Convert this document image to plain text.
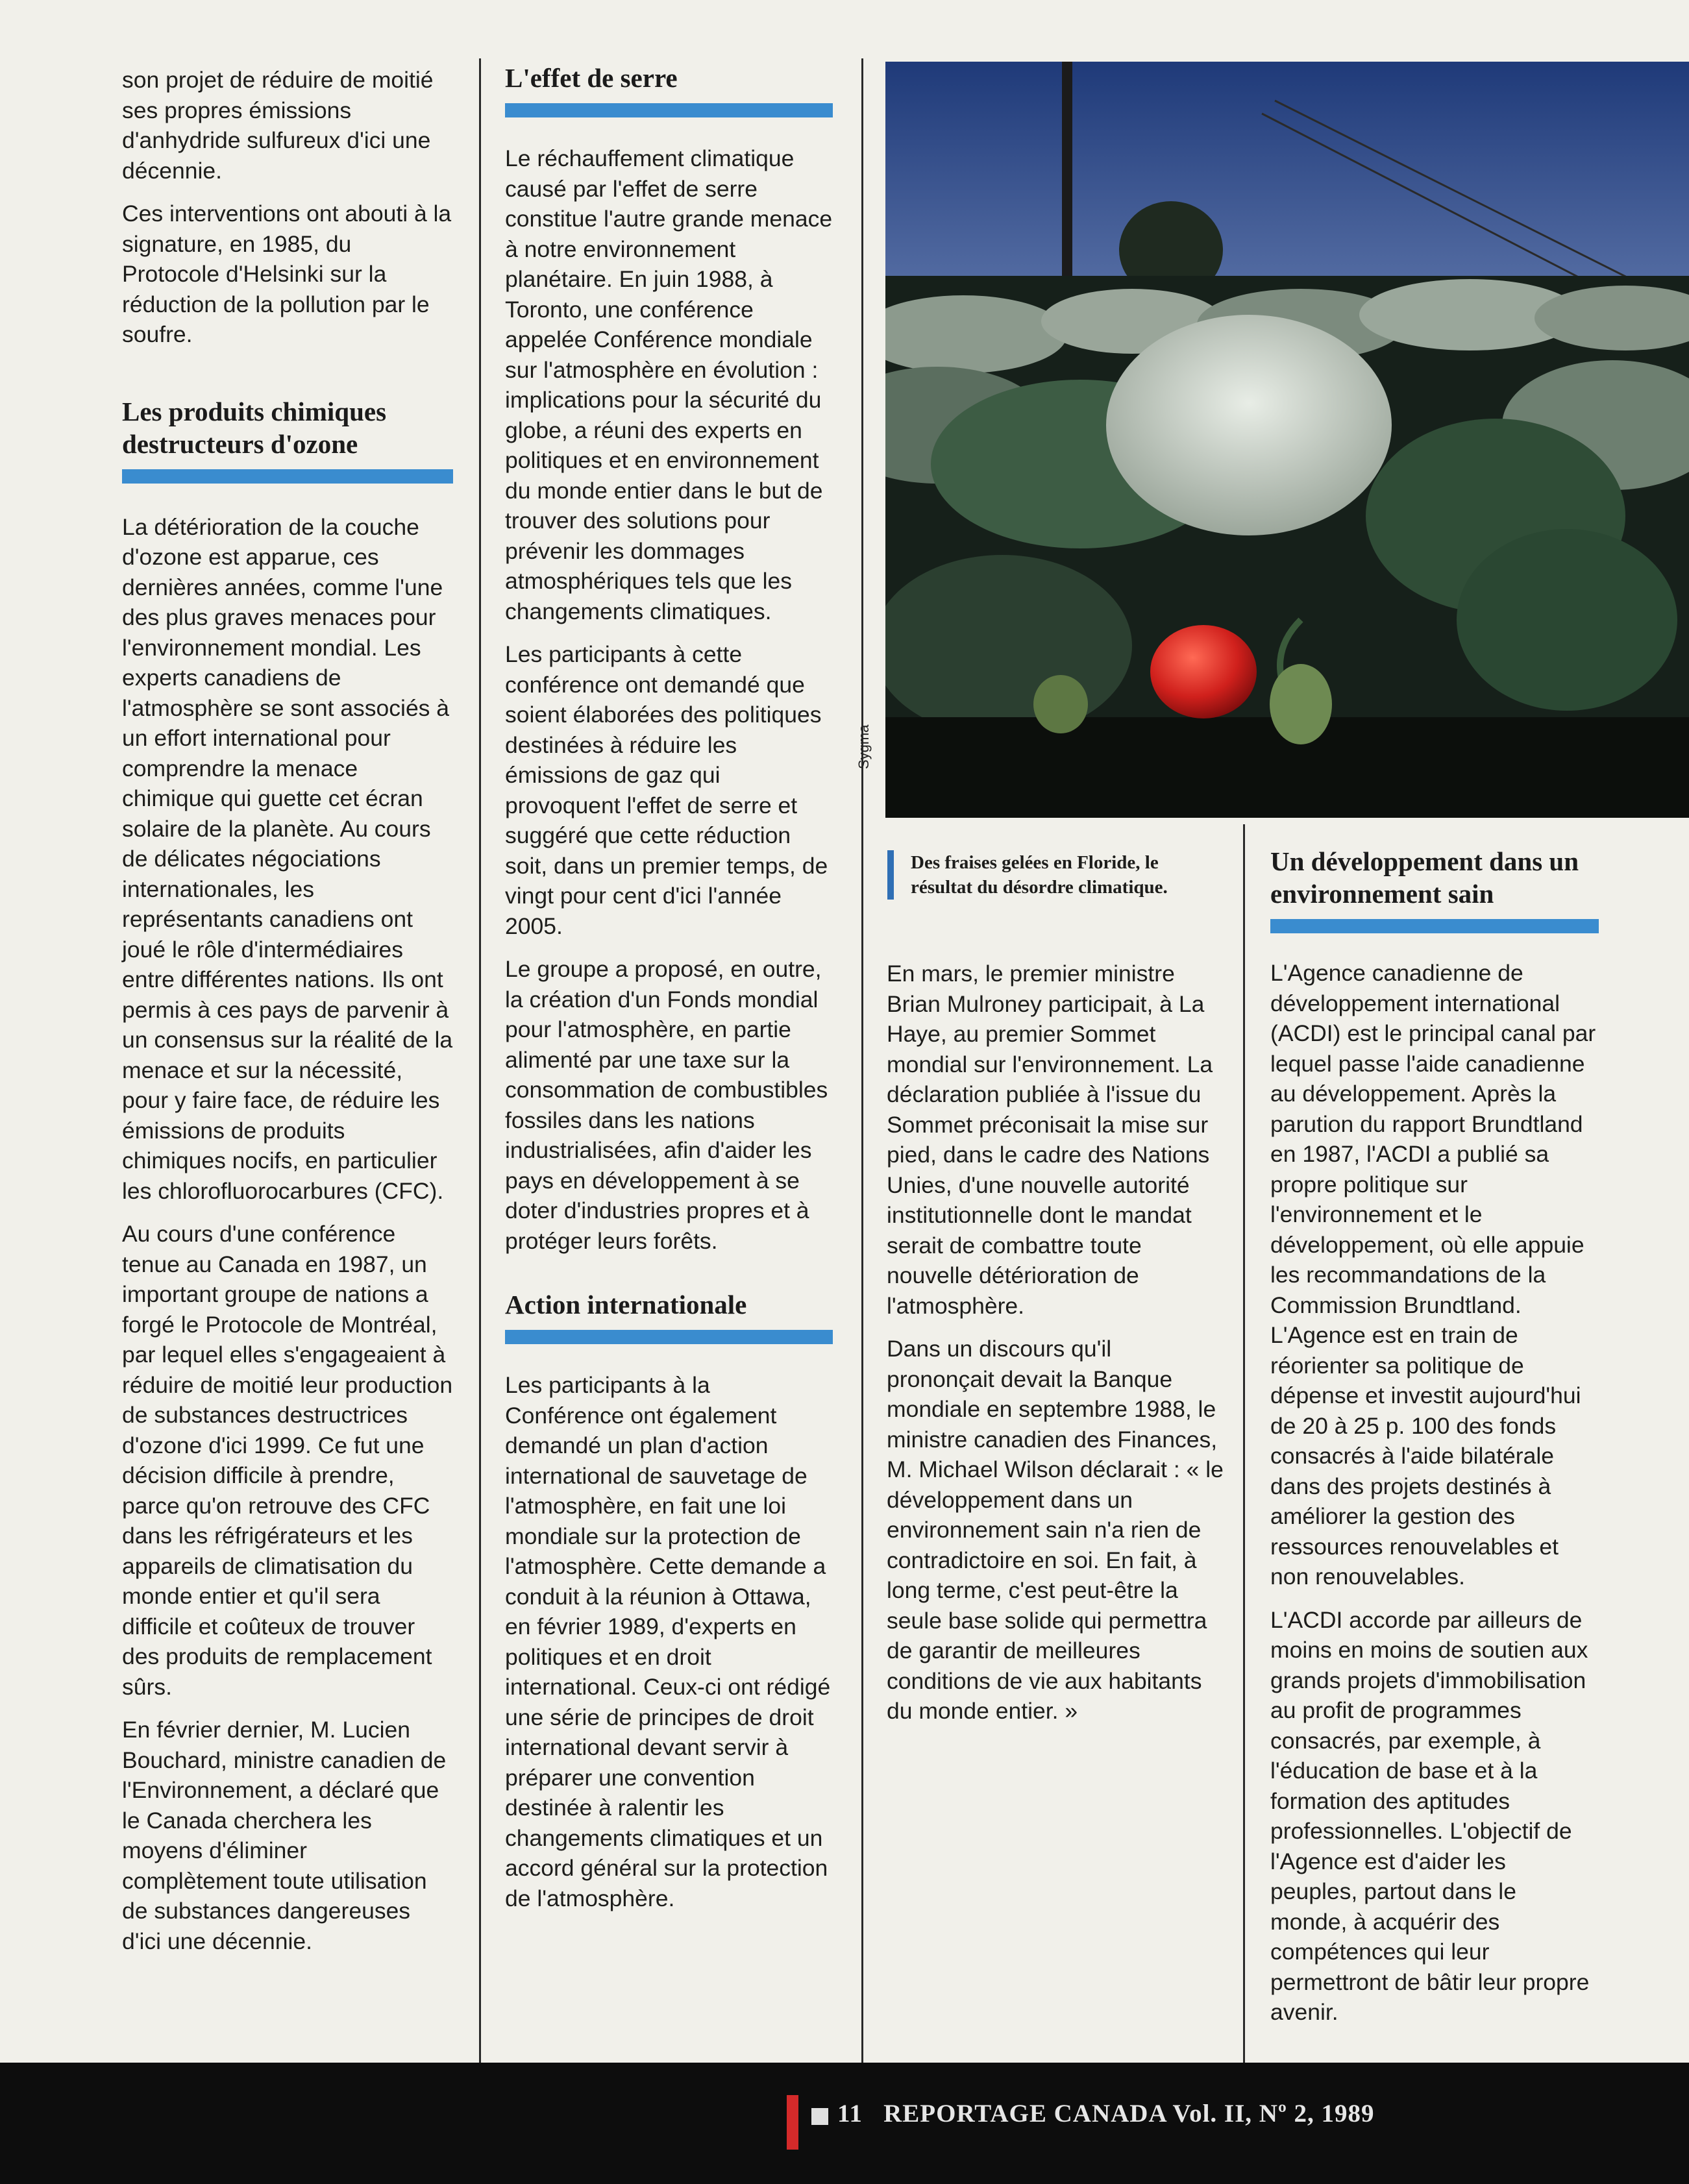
son projet de réduire de moitié ses propres émissions d'anhydride sulfureux d'ici une décennie.

Ces interventions ont abouti à la signature, en 1985, du Protocole d'Helsinki sur la réduction de la pollution par le soufre.

Les produits chimiques destructeurs d'ozone

La détérioration de la couche d'ozone est apparue, ces dernières années, comme l'une des plus graves menaces pour l'environnement mondial. Les experts canadiens de l'atmosphère se sont associés à un effort international pour comprendre la menace chimique qui guette cet écran solaire de la planète. Au cours de délicates négociations internationales, les représentants canadiens ont joué le rôle d'intermédiaires entre différentes nations. Ils ont permis à ces pays de parvenir à un consensus sur la réalité de la menace et sur la nécessité, pour y faire face, de réduire les émissions de produits chimiques nocifs, en particulier les chlorofluorocarbures (CFC).

Au cours d'une conférence tenue au Canada en 1987, un important groupe de nations a forgé le Protocole de Montréal, par lequel elles s'engageaient à réduire de moitié leur production de substances destructrices d'ozone d'ici 1999. Ce fut une décision difficile à prendre, parce qu'on retrouve des CFC dans les réfrigérateurs et les appareils de climatisation du monde entier et qu'il sera difficile et coûteux de trouver des produits de remplacement sûrs.

En février dernier, M. Lucien Bouchard, ministre canadien de l'Environnement, a déclaré que le Canada cherchera les moyens d'éliminer complètement toute utilisation de substances dangereuses d'ici une décennie.

L'effet de serre

Le réchauffement climatique causé par l'effet de serre constitue l'autre grande menace à notre environnement planétaire. En juin 1988, à Toronto, une conférence appelée Conférence mondiale sur l'atmosphère en évolution : implications pour la sécurité du globe, a réuni des experts en politiques et en environnement du monde entier dans le but de trouver des solutions pour prévenir les dommages atmosphériques tels que les changements climatiques.

Les participants à cette conférence ont demandé que soient élaborées des politiques destinées à réduire les émissions de gaz qui provoquent l'effet de serre et suggéré que cette réduction soit, dans un premier temps, de vingt pour cent d'ici l'année 2005.

Le groupe a proposé, en outre, la création d'un Fonds mondial pour l'atmosphère, en partie alimenté par une taxe sur la consommation de combustibles fossiles dans les nations industrialisées, afin d'aider les pays en développement à se doter d'industries propres et à protéger leurs forêts.

Action internationale

Les participants à la Conférence ont également demandé un plan d'action international de sauvetage de l'atmosphère, en fait une loi mondiale sur la protection de l'atmosphère. Cette demande a conduit à la réunion à Ottawa, en février 1989, d'experts en politiques et en droit international. Ceux-ci ont rédigé une série de principes de droit international devant servir à préparer une convention destinée à ralentir les changements climatiques et un accord général sur la protection de l'atmosphère.

Sygma
Des fraises gelées en Floride, le résultat du désordre climatique.

En mars, le premier ministre Brian Mulroney participait, à La Haye, au premier Sommet mondial sur l'environnement. La déclaration publiée à l'issue du Sommet préconisait la mise sur pied, dans le cadre des Nations Unies, d'une nouvelle autorité institutionnelle dont le mandat serait de combattre toute nouvelle détérioration de l'atmosphère.

Dans un discours qu'il prononçait devait la Banque mondiale en septembre 1988, le ministre canadien des Finances, M. Michael Wilson déclarait : « le développement dans un environnement sain n'a rien de contradictoire en soi. En fait, à long terme, c'est peut-être la seule base solide qui permettra de garantir de meilleures conditions de vie aux habitants du monde entier. »

Un développement dans un environnement sain

L'Agence canadienne de développement international (ACDI) est le principal canal par lequel passe l'aide canadienne au développement. Après la parution du rapport Brundtland en 1987, l'ACDI a publié sa propre politique sur l'environnement et le développement, où elle appuie les recommandations de la Commission Brundtland. L'Agence est en train de réorienter sa politique de dépense et investit aujourd'hui de 20 à 25 p. 100 des fonds consacrés à l'aide bilatérale dans des projets destinés à améliorer la gestion des ressources renouvelables et non renouvelables.

L'ACDI accorde par ailleurs de moins en moins de soutien aux grands projets d'immobilisation au profit de programmes consacrés, par exemple, à l'éducation de base et à la formation des aptitudes professionnelles. L'objectif de l'Agence est d'aider les peuples, partout dans le monde, à acquérir des compétences qui leur permettront de bâtir leur propre avenir.

11 REPORTAGE CANADA Vol. II, Nº 2, 1989
